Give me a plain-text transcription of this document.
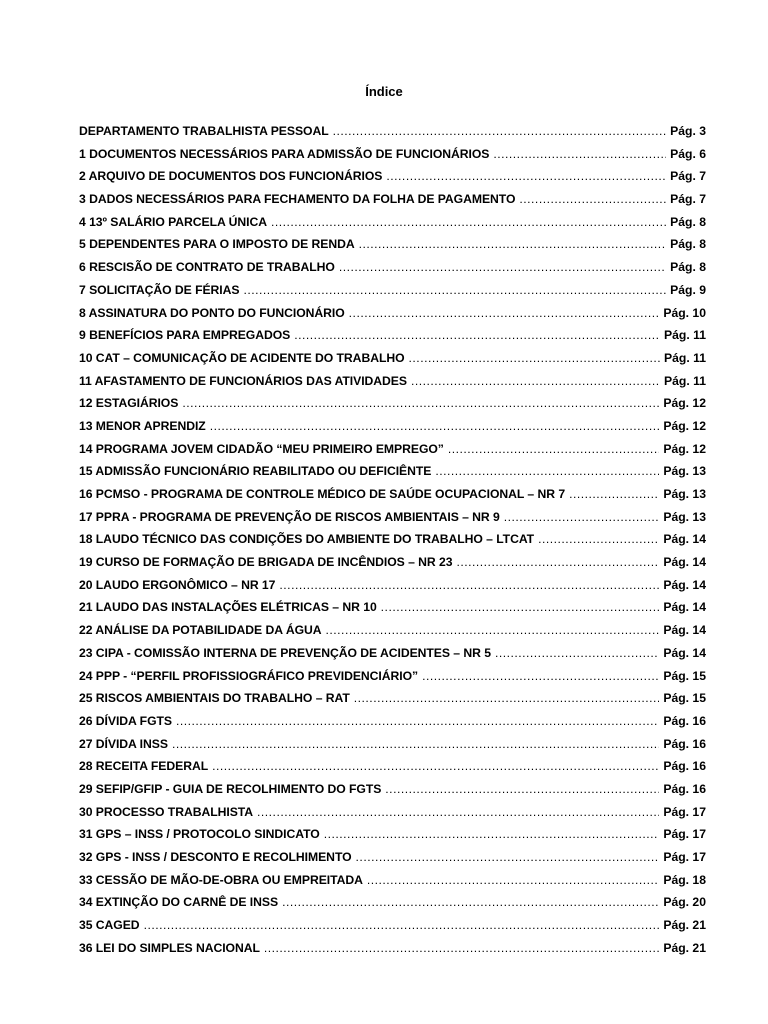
Índice
DEPARTAMENTO TRABALHISTA PESSOAL .....	Pág. 3
1 DOCUMENTOS NECESSÁRIOS PARA ADMISSÃO DE FUNCIONÁRIOS .....	Pág. 6
2 ARQUIVO DE DOCUMENTOS DOS FUNCIONÁRIOS .....	Pág. 7
3 DADOS NECESSÁRIOS PARA FECHAMENTO DA FOLHA DE PAGAMENTO .....	Pág. 7
4 13º SALÁRIO PARCELA ÚNICA .....	Pág. 8
5 DEPENDENTES PARA O IMPOSTO DE RENDA .....	Pág. 8
6 RESCISÃO DE CONTRATO DE TRABALHO .....	Pág. 8
7 SOLICITAÇÃO DE FÉRIAS .....	Pág. 9
8 ASSINATURA DO PONTO DO FUNCIONÁRIO .....	Pág. 10
9 BENEFÍCIOS PARA EMPREGADOS .....	Pág. 11
10 CAT – COMUNICAÇÃO DE ACIDENTE DO TRABALHO .....	Pág. 11
11 AFASTAMENTO DE FUNCIONÁRIOS DAS ATIVIDADES .....	Pág. 11
12 ESTAGIÁRIOS .....	Pág. 12
13 MENOR APRENDIZ .....	Pág. 12
14 PROGRAMA JOVEM CIDADÃO “MEU PRIMEIRO EMPREGO” .....	Pág. 12
15 ADMISSÃO FUNCIONÁRIO REABILITADO OU DEFICIÊNTE .....	Pág. 13
16 PCMSO - PROGRAMA DE CONTROLE MÉDICO DE SAÚDE OCUPACIONAL – NR 7 .....	Pág. 13
17 PPRA - PROGRAMA DE PREVENÇÃO DE RISCOS AMBIENTAIS – NR 9 .....	Pág. 13
18 LAUDO TÉCNICO DAS CONDIÇÕES DO AMBIENTE DO TRABALHO – LTCAT .....	Pág. 14
19 CURSO DE FORMAÇÃO DE BRIGADA DE INCÊNDIOS – NR 23 .....	Pág. 14
20 LAUDO ERGONÔMICO – NR 17 .....	Pág. 14
21 LAUDO DAS INSTALAÇÕES ELÉTRICAS – NR 10 .....	Pág. 14
22 ANÁLISE DA POTABILIDADE DA ÁGUA .....	Pág. 14
23 CIPA - COMISSÃO INTERNA DE PREVENÇÃO DE ACIDENTES – NR 5 .....	Pág. 14
24 PPP - “PERFIL PROFISSIOGRÁFICO PREVIDENCIÁRIO” .....	Pág. 15
25 RISCOS AMBIENTAIS DO TRABALHO – RAT .....	Pág. 15
26 DÍVIDA FGTS .....	Pág. 16
27 DÍVIDA INSS .....	Pág. 16
28 RECEITA FEDERAL .....	Pág. 16
29 SEFIP/GFIP - GUIA DE RECOLHIMENTO DO FGTS .....	Pág. 16
30 PROCESSO TRABALHISTA .....	Pág. 17
31 GPS – INSS / PROTOCOLO SINDICATO .....	Pág. 17
32 GPS - INSS / DESCONTO E RECOLHIMENTO .....	Pág. 17
33 CESSÃO DE MÃO-DE-OBRA OU EMPREITADA .....	Pág. 18
34 EXTINÇÃO DO CARNÊ DE INSS .....	Pág. 20
35 CAGED .....	Pág. 21
36 LEI DO SIMPLES NACIONAL .....	Pág. 21
